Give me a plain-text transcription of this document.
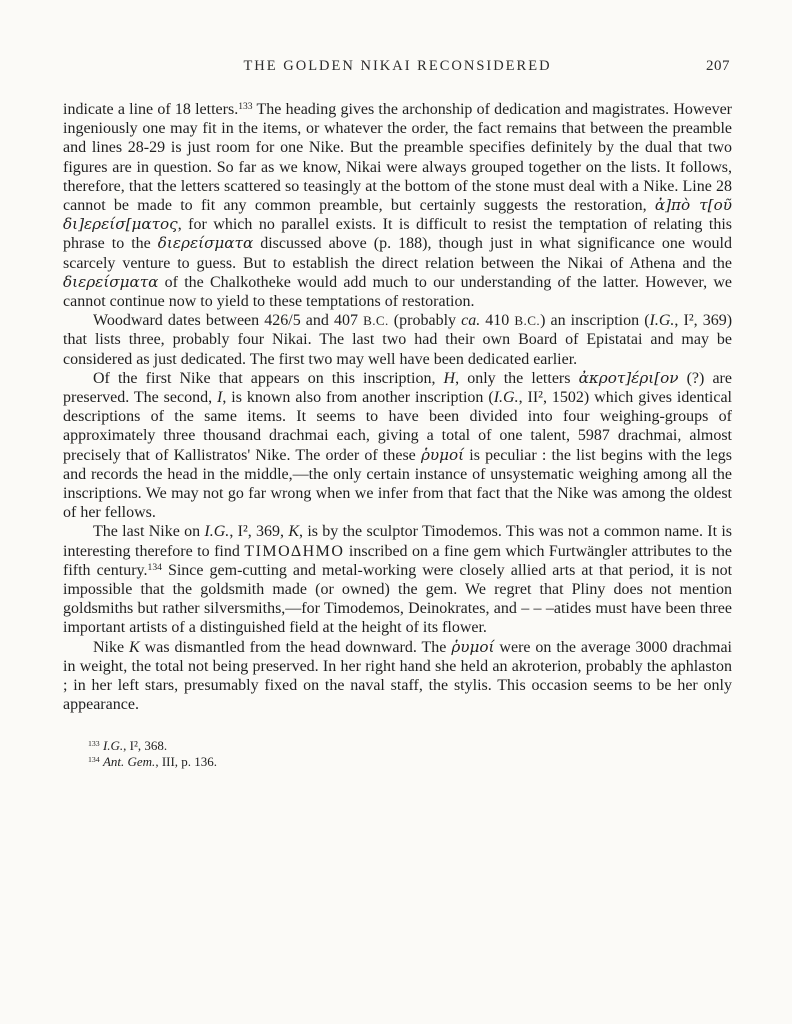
THE GOLDEN NIKAI RECONSIDERED	207

indicate a line of 18 letters.$^{133}$ The heading gives the archonship of dedication and magistrates. However ingeniously one may fit in the items, or whatever the order, the fact remains that between the preamble and lines 28-29 is just room for one Nike. But the preamble specifies definitely by the dual that two figures are in question. So far as we know, Nikai were always grouped together on the lists. It follows, therefore, that the letters scattered so teasingly at the bottom of the stone must deal with a Nike. Line 28 cannot be made to fit any common preamble, but certainly suggests the restoration, ἀ]πὸ τ[οῦ δι]ερείσ[ματος, for which no parallel exists. It is difficult to resist the temptation of relating this phrase to the διερείσματα discussed above (p. 188), though just in what significance one would scarcely venture to guess. But to establish the direct relation between the Nikai of Athena and the διερείσματα of the Chalkotheke would add much to our understanding of the latter. However, we cannot continue now to yield to these temptations of restoration.

Woodward dates between 426/5 and 407 B.C. (probably ca. 410 B.C.) an inscription (I.G., I², 369) that lists three, probably four Nikai. The last two had their own Board of Epistatai and may be considered as just dedicated. The first two may well have been dedicated earlier.

Of the first Nike that appears on this inscription, H, only the letters ἀκροτ]έρι[ον (?) are preserved. The second, I, is known also from another inscription (I.G., II², 1502) which gives identical descriptions of the same items. It seems to have been divided into four weighing-groups of approximately three thousand drachmai each, giving a total of one talent, 5987 drachmai, almost precisely that of Kallistratos' Nike. The order of these ῥυμοί is peculiar : the list begins with the legs and records the head in the middle,—the only certain instance of unsystematic weighing among all the inscriptions. We may not go far wrong when we infer from that fact that the Nike was among the oldest of her fellows.

The last Nike on I.G., I², 369, K, is by the sculptor Timodemos. This was not a common name. It is interesting therefore to find ΤΙΜΟΔΗΜΟ inscribed on a fine gem which Furtwängler attributes to the fifth century.$^{134}$ Since gem-cutting and metal-working were closely allied arts at that period, it is not impossible that the goldsmith made (or owned) the gem. We regret that Pliny does not mention goldsmiths but rather silversmiths,—for Timodemos, Deinokrates, and – – –atides must have been three important artists of a distinguished field at the height of its flower.

Nike K was dismantled from the head downward. The ῥυμοί were on the average 3000 drachmai in weight, the total not being preserved. In her right hand she held an akroterion, probably the aphlaston ; in her left stars, presumably fixed on the naval staff, the stylis. This occasion seems to be her only appearance.

$^{133}$ I.G., I², 368.

$^{134}$ Ant. Gem., III, p. 136.
